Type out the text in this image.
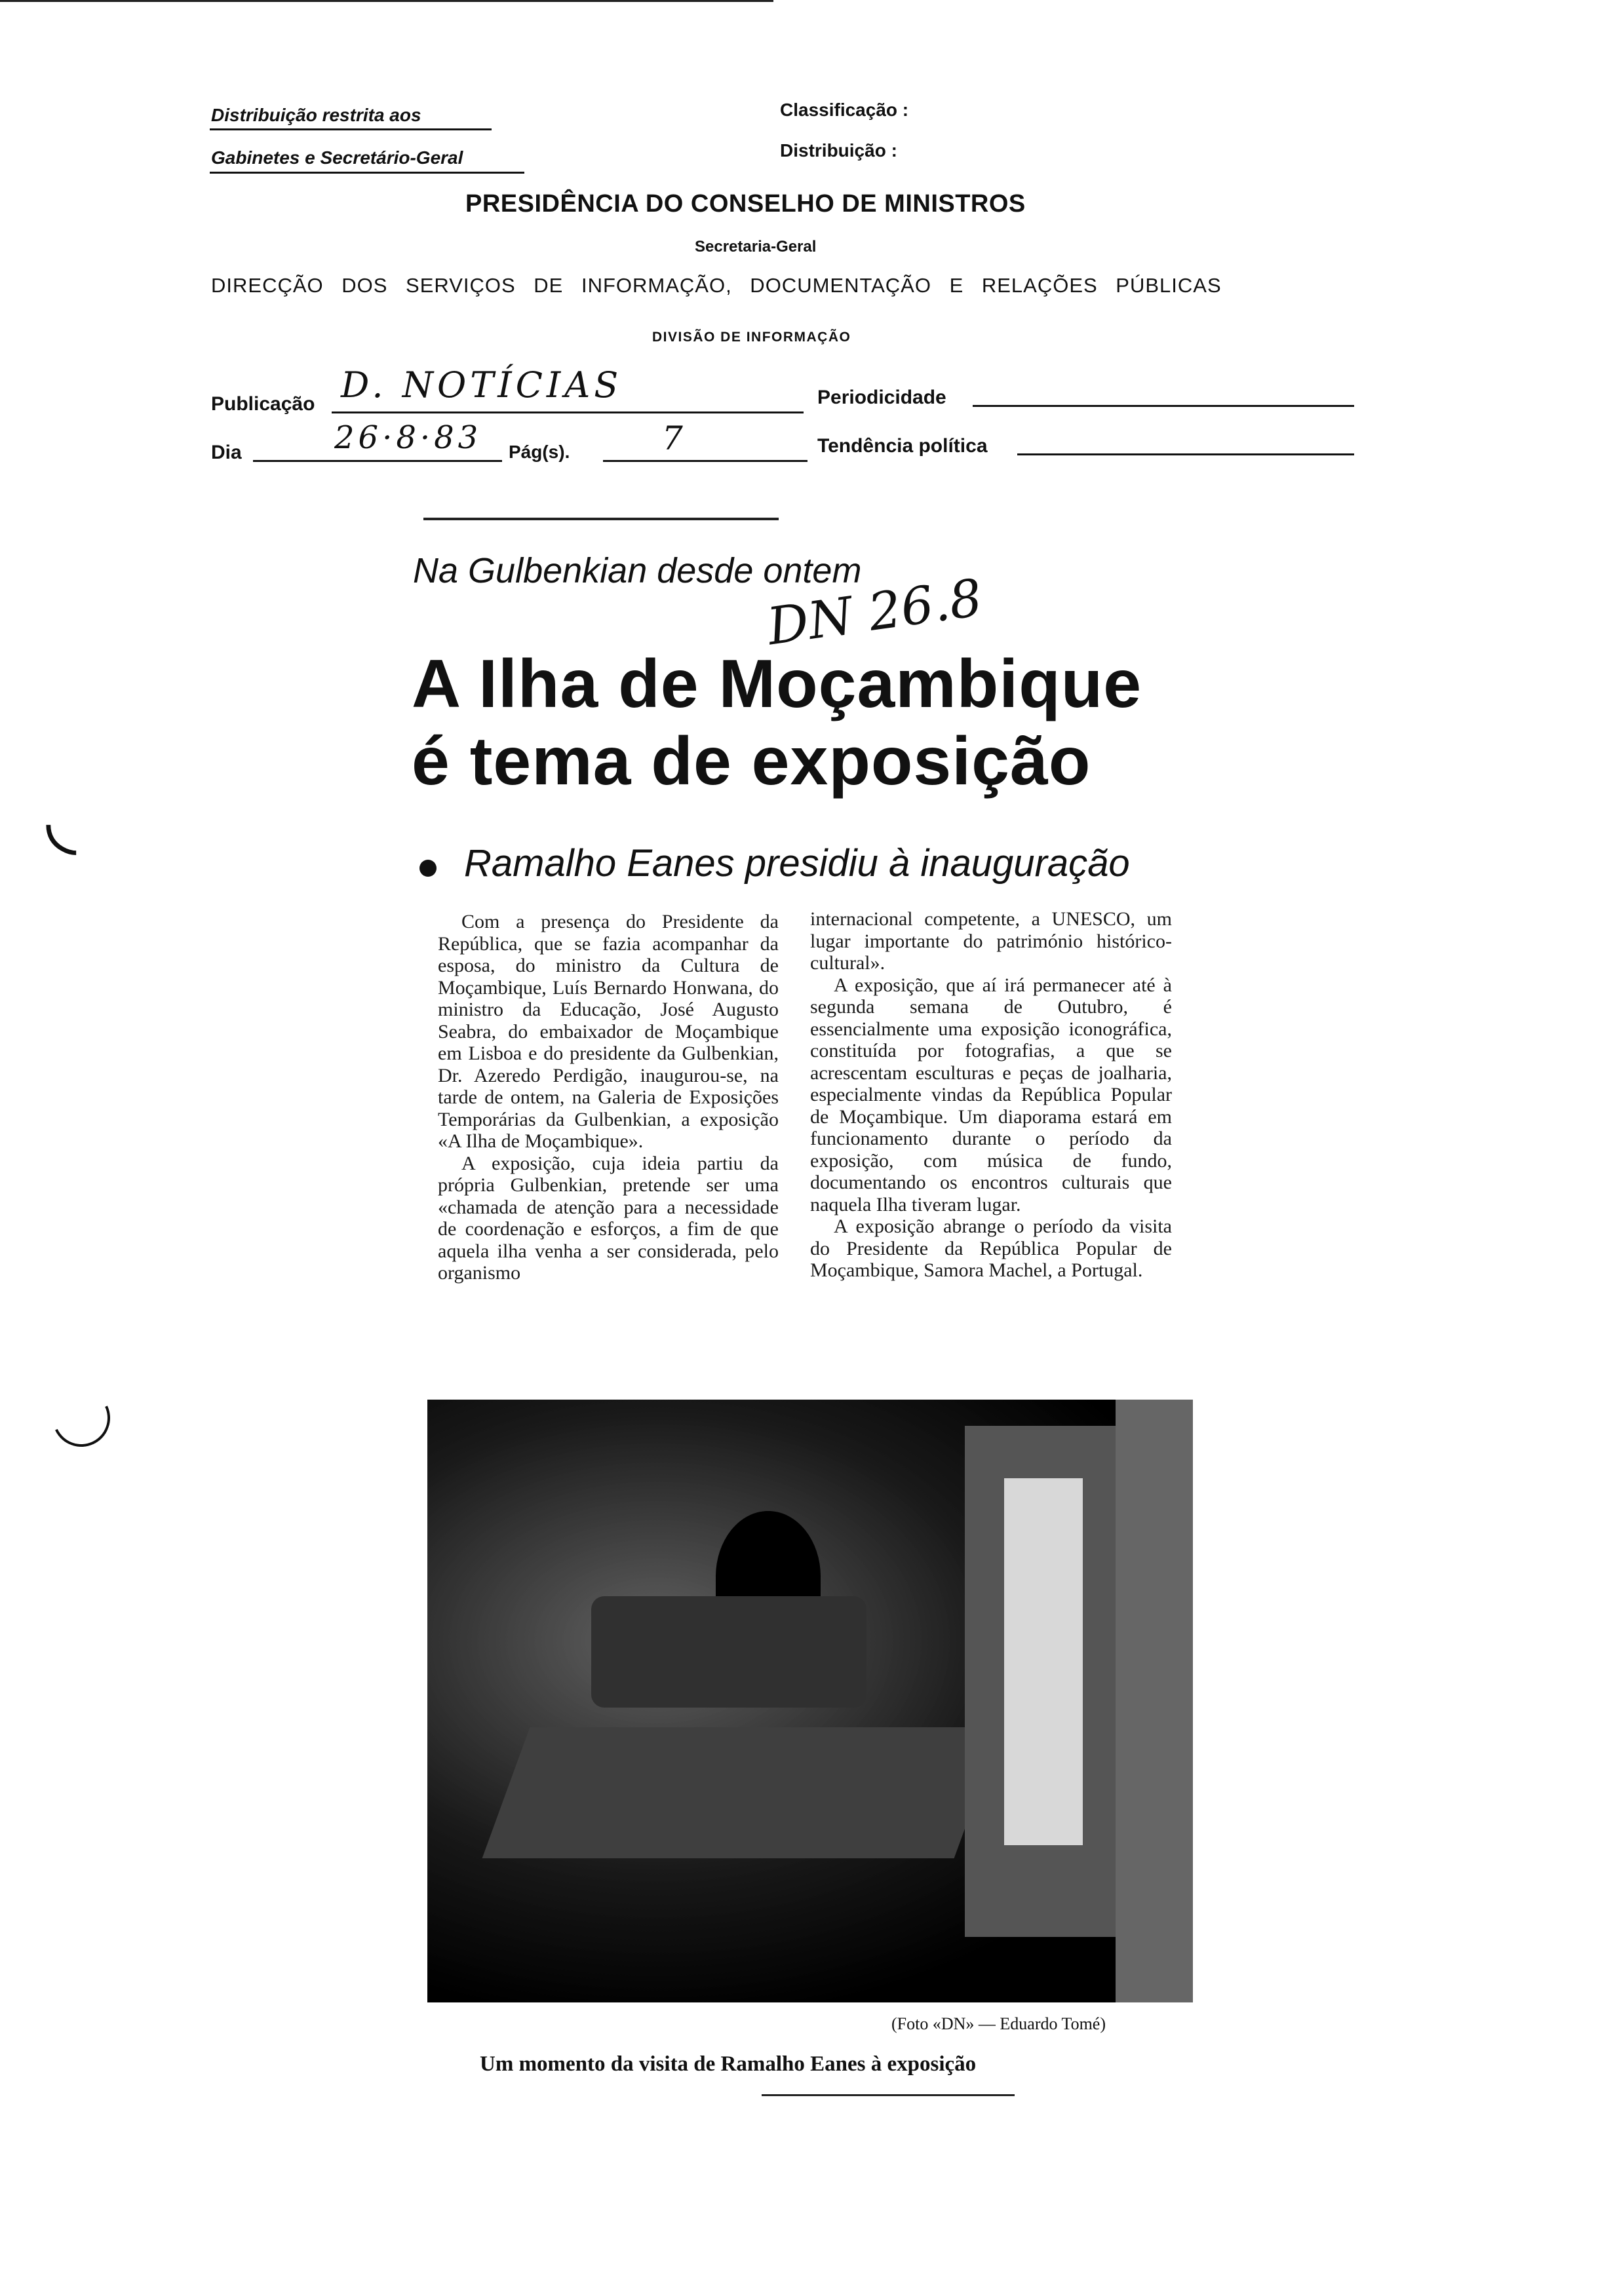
Distribuição restrita aos
Gabinetes e Secretário-Geral
Classificação :
Distribuição :
PRESIDÊNCIA DO CONSELHO DE MINISTROS
Secretaria-Geral
DIRECÇÃO DOS SERVIÇOS DE INFORMAÇÃO, DOCUMENTAÇÃO E RELAÇÕES PÚBLICAS
DIVISÃO DE INFORMAÇÃO
Publicação D. NOTÍCIAS	Periodicidade
Dia	26·8·83 Pág(s).	7	Tendência política
Na Gulbenkian desde ontem
DN 26.8
A Ilha de Moçambique
é tema de exposição
Ramalho Eanes presidiu à inauguração

Com a presença do Presidente da República, que se fazia acompanhar da esposa, do ministro da Cultura de Moçambique, Luís Bernardo Honwana, do ministro da Educação, José Augusto Seabra, do embaixador de Moçambique em Lisboa e do presidente da Gulbenkian, Dr. Azeredo Perdigão, inaugurou-se, na tarde de ontem, na Galeria de Exposições Temporárias da Gulbenkian, a exposição «A Ilha de Moçambique».

A exposição, cuja ideia partiu da própria Gulbenkian, pretende ser uma «chamada de atenção para a necessidade de coordenação e esforços, a fim de que aquela ilha venha a ser considerada, pelo organismo

internacional competente, a UNESCO, um lugar importante do património histórico-cultural».

A exposição, que aí irá permanecer até à segunda semana de Outubro, é essencialmente uma exposição iconográfica, constituída por fotografias, a que se acrescentam esculturas e peças de joalharia, especialmente vindas da República Popular de Moçambique. Um diaporama estará em funcionamento durante o período da exposição, com música de fundo, documentando os encontros culturais que naquela Ilha tiveram lugar.

A exposição abrange o período da visita do Presidente da República Popular de Moçambique, Samora Machel, a Portugal.

(Foto «DN» — Eduardo Tomé)
Um momento da visita de Ramalho Eanes à exposição
◟
